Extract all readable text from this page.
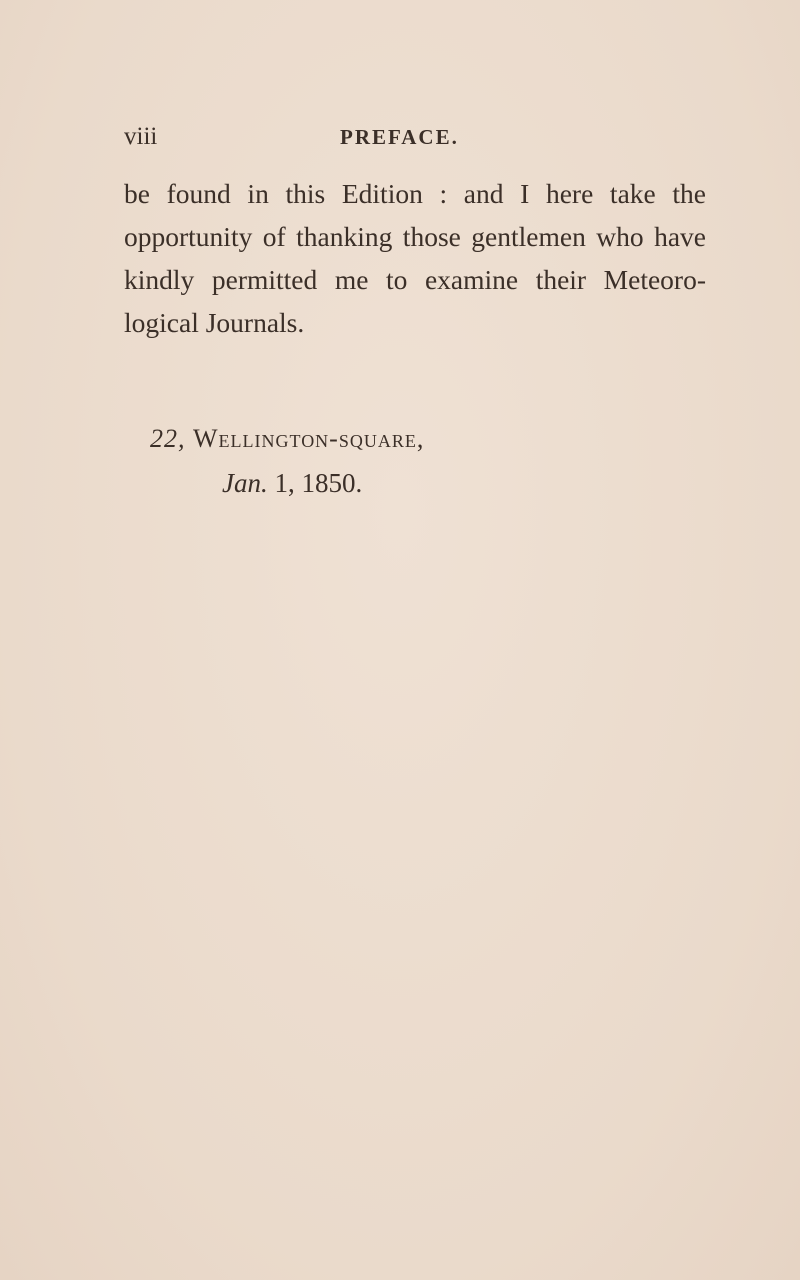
viii	PREFACE.
be found in this Edition : and I here take the
opportunity of thanking those gentlemen who have
kindly permitted me to examine their Meteoro-
logical Journals.
22, Wellington-square,
Jan. 1, 1850.
